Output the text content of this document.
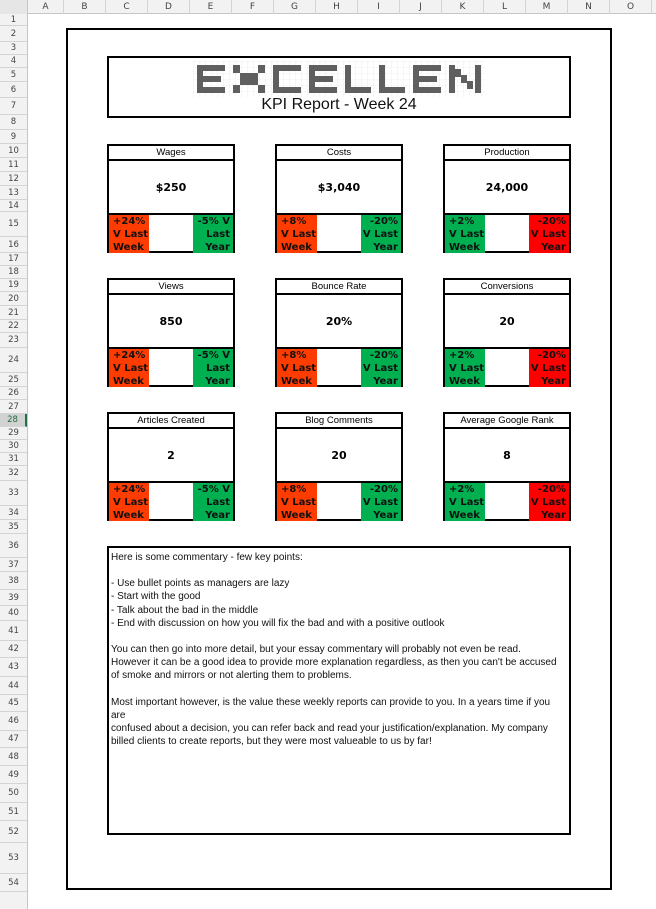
A	B	C	D	E	F	G	H	I	J	K	L	M	N	O
1
2
3
4
5
6
7
8
9
10
11
12
13
14
15
16
17
18
19
20
21
22
23
24
25
26
27
28
29
30
31
32
33
34
35
36
37
38
39
40
41
42
43
44
45
46
47
48
49
50
51
52
53
54
EXCELLEN
KPI Report - Week 24
Wages
$250
+24%
V Last
Week
-5% V
Last
Year
Costs
$3,040
+8%
V Last
Week
-20%
V Last
Year
Production
24,000
+2%
V Last
Week
-20%
V Last
Year
Views
850
+24%
V Last
Week
-5% V
Last
Year
Bounce Rate
20%
+8%
V Last
Week
-20%
V Last
Year
Conversions
20
+2%
V Last
Week
-20%
V Last
Year
Articles Created
2
+24%
V Last
Week
-5% V
Last
Year
Blog Comments
20
+8%
V Last
Week
-20%
V Last
Year
Average Google Rank
8
+2%
V Last
Week
-20%
V Last
Year

Here is some commentary - few key points:

- Use bullet points as managers are lazy
- Start with the good
- Talk about the bad in the middle
- End with discussion on how you will fix the bad and with a positive outlook

You can then go into more detail, but your essay commentary will probably not even be read.
However it can be a good idea to provide more explanation regardless, as then you can't be accused
of smoke and mirrors or not alerting them to problems.

Most important however, is the value these weekly reports can provide to you. In a years time if you are
confused about a decision, you can refer back and read your justification/explanation. My company
billed clients to create reports, but they were most valueable to us by far!
